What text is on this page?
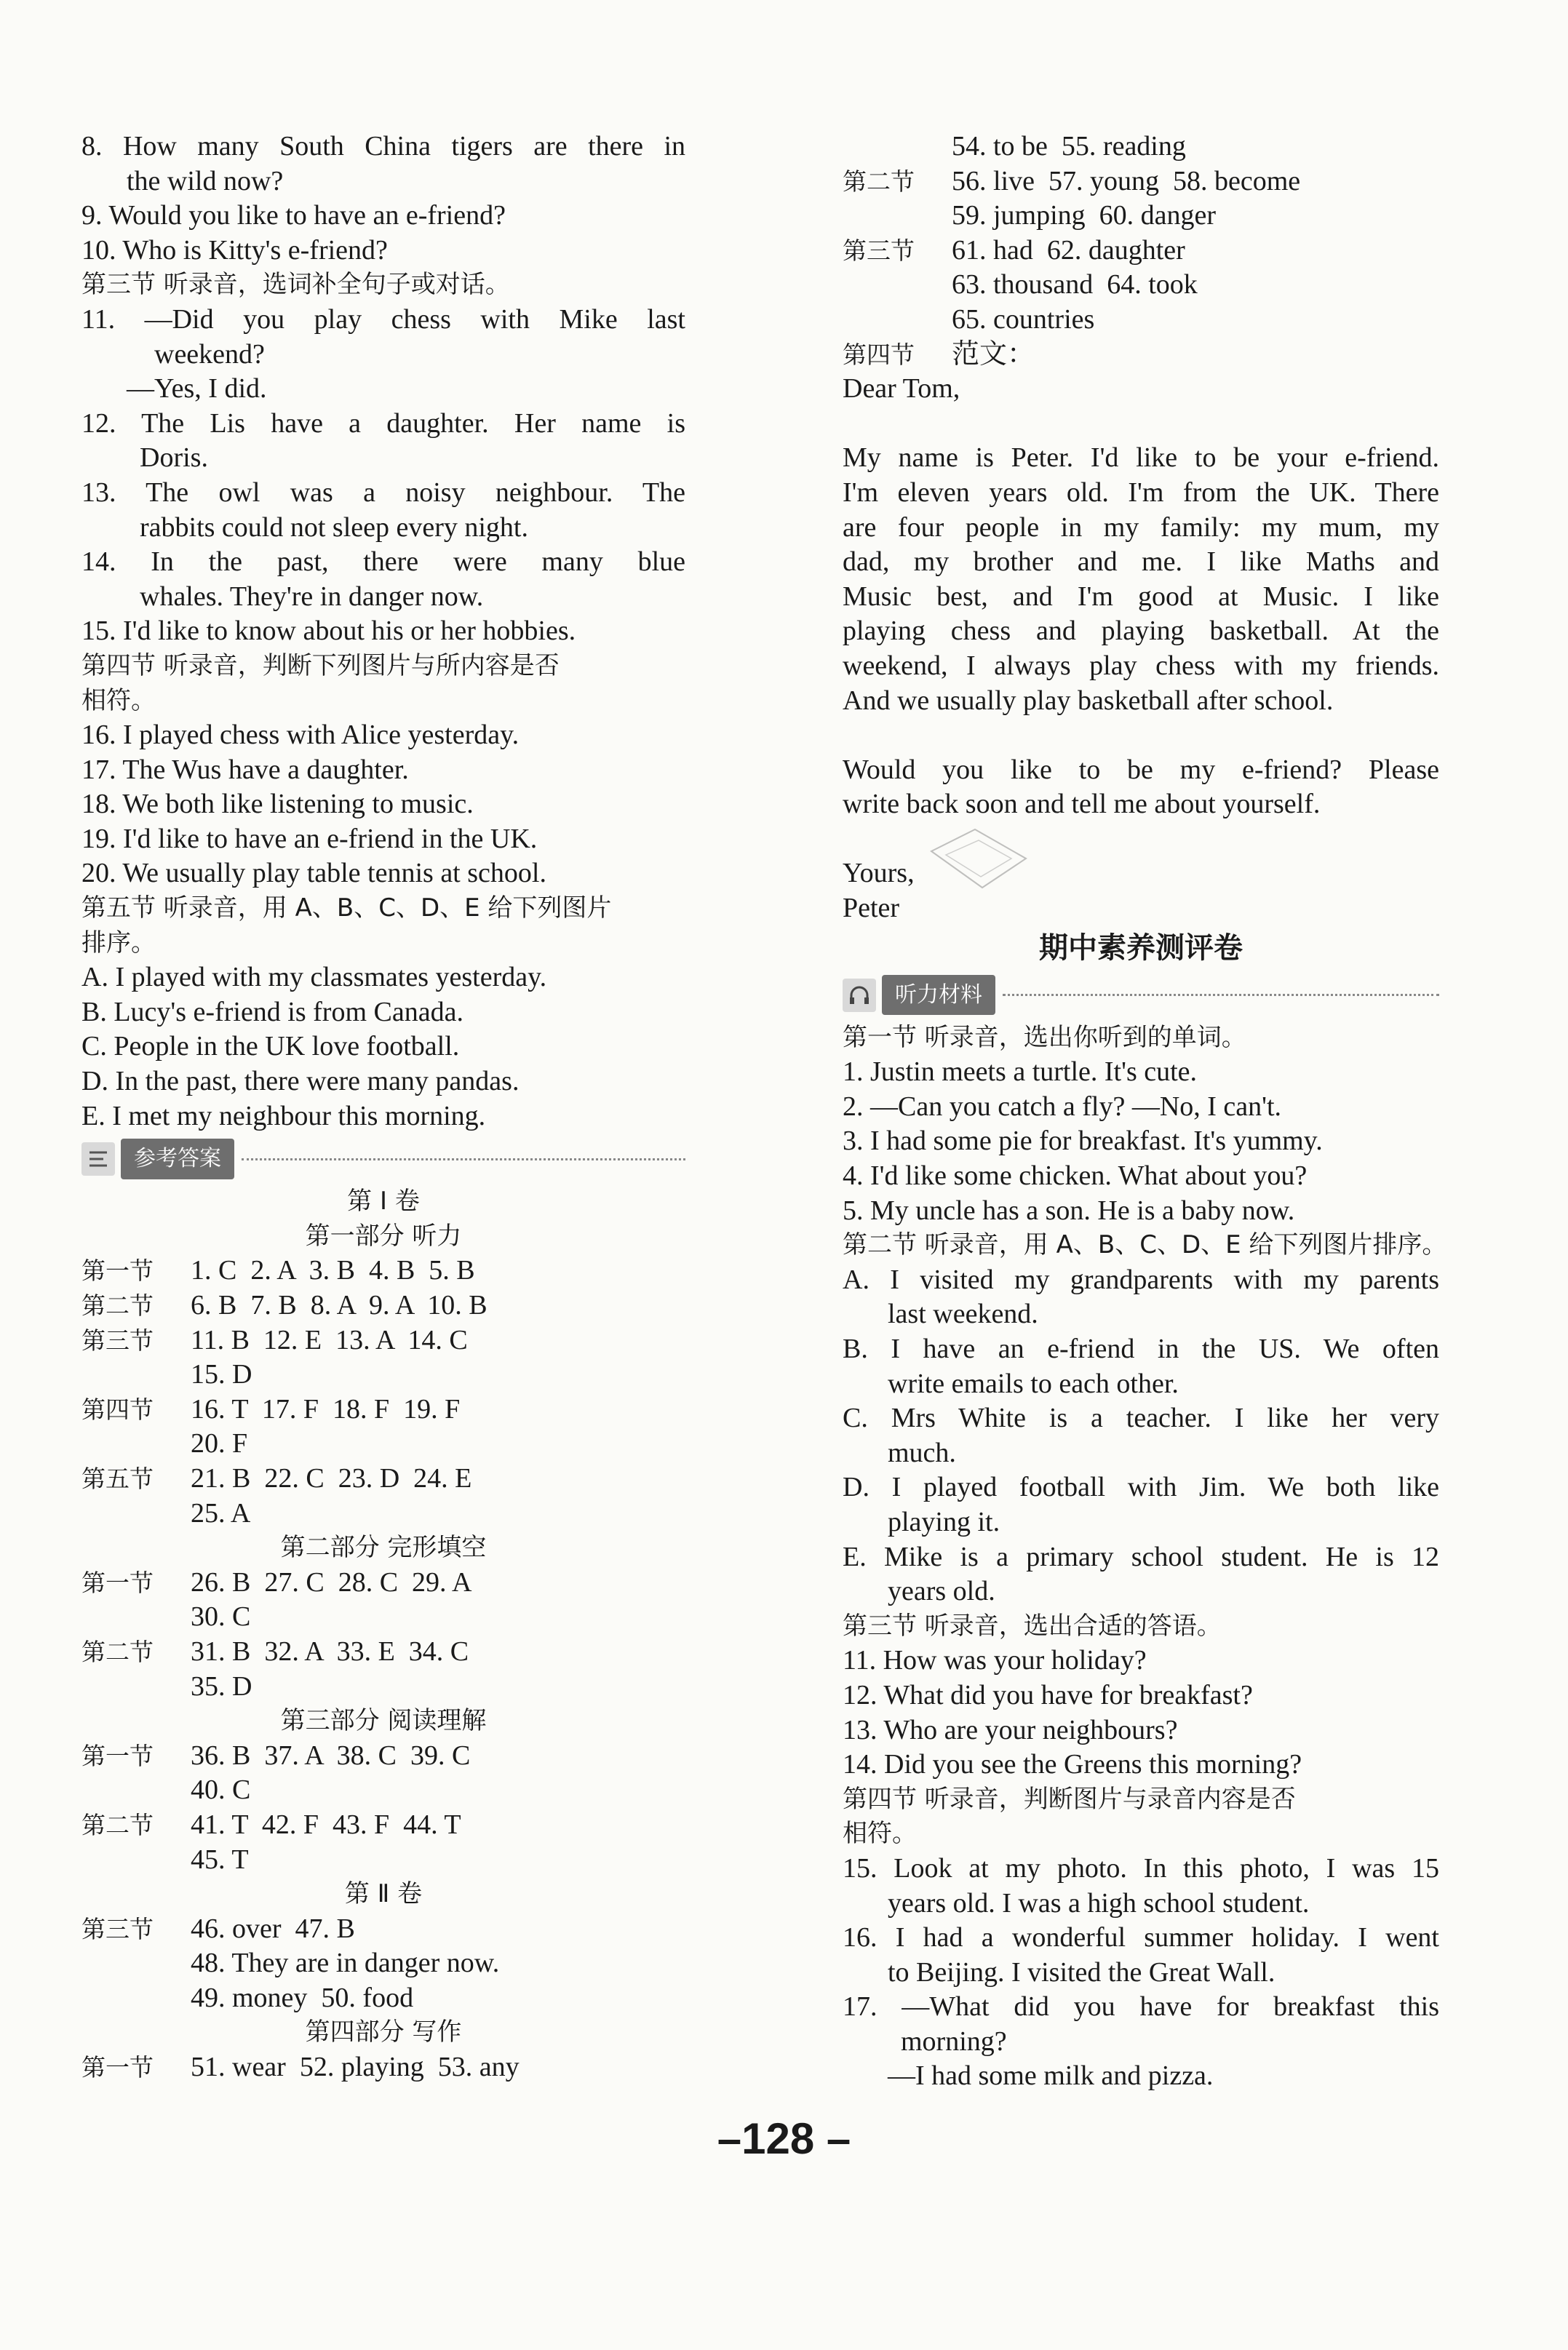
8. How many South China tigers are there in
the wild now?
9. Would you like to have an e-friend?
10. Who is Kitty's e-friend?
第三节 听录音，选词补全句子或对话。
11. —Did you play chess with Mike last
weekend?
—Yes, I did.
12. The Lis have a daughter. Her name is
Doris.
13. The owl was a noisy neighbour. The
rabbits could not sleep every night.
14. In the past, there were many blue
whales. They're in danger now.
15. I'd like to know about his or her hobbies.
第四节 听录音，判断下列图片与所内容是否
相符。
16. I played chess with Alice yesterday.
17. The Wus have a daughter.
18. We both like listening to music.
19. I'd like to have an e-friend in the UK.
20. We usually play table tennis at school.
第五节 听录音，用 A、B、C、D、E 给下列图片
排序。
A. I played with my classmates yesterday.
B. Lucy's e-friend is from Canada.
C. People in the UK love football.
D. In the past, there were many pandas.
E. I met my neighbour this morning.
参考答案
第 Ⅰ 卷
第一部分 听力
第一节	1. C  2. A  3. B  4. B  5. B
第二节	6. B  7. B  8. A  9. A  10. B
第三节	11. B  12. E  13. A  14. C
15. D
第四节	16. T  17. F  18. F  19. F
20. F
第五节	21. B  22. C  23. D  24. E
25. A
第二部分 完形填空
第一节	26. B  27. C  28. C  29. A
30. C
第二节	31. B  32. A  33. E  34. C
35. D
第三部分 阅读理解
第一节	36. B  37. A  38. C  39. C
40. C
第二节	41. T  42. F  43. F  44. T
45. T
第 Ⅱ 卷
第三节	46. over  47. B
48. They are in danger now.
49. money  50. food
第四部分 写作
第一节	51. wear  52. playing  53. any
54. to be  55. reading
第二节	56. live  57. young  58. become
59. jumping  60. danger
第三节	61. had  62. daughter
63. thousand  64. took
65. countries
第四节	范文：
Dear Tom,
My name is Peter. I'd like to be your e-friend.
I'm eleven years old. I'm from the UK. There
are four people in my family: my mum, my
dad, my brother and me. I like Maths and
Music best, and I'm good at Music. I like
playing chess and playing basketball. At the
weekend, I always play chess with my friends.
And we usually play basketball after school.
Would you like to be my e-friend? Please
write back soon and tell me about yourself.
Yours,
Peter
期中素养测评卷
听力材料
第一节 听录音，选出你听到的单词。
1. Justin meets a turtle. It's cute.
2. —Can you catch a fly? —No, I can't.
3. I had some pie for breakfast. It's yummy.
4. I'd like some chicken. What about you?
5. My uncle has a son. He is a baby now.
第二节 听录音，用 A、B、C、D、E 给下列图片排序。
A. I visited my grandparents with my parents
last weekend.
B. I have an e-friend in the US. We often
write emails to each other.
C. Mrs White is a teacher. I like her very
much.
D. I played football with Jim. We both like
playing it.
E. Mike is a primary school student. He is 12
years old.
第三节 听录音，选出合适的答语。
11. How was your holiday?
12. What did you have for breakfast?
13. Who are your neighbours?
14. Did you see the Greens this morning?
第四节 听录音，判断图片与录音内容是否
相符。
15. Look at my photo. In this photo, I was 15
years old. I was a high school student.
16. I had a wonderful summer holiday. I went
to Beijing. I visited the Great Wall.
17. —What did you have for breakfast this
morning?
—I had some milk and pizza.
–128 –
